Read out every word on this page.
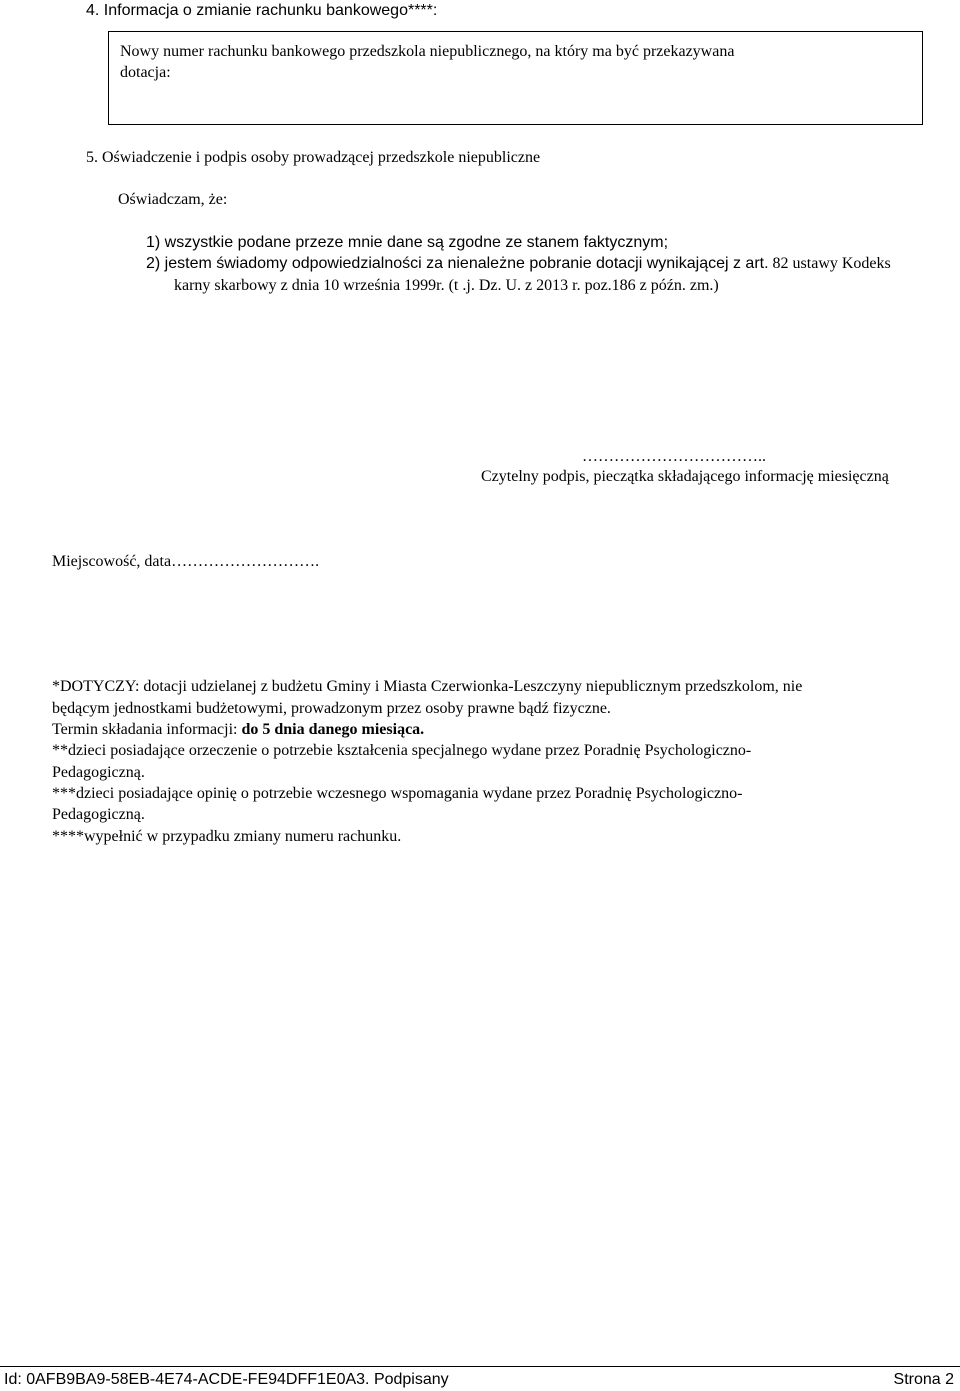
4. Informacja o zmianie rachunku bankowego****:
Nowy numer rachunku bankowego przedszkola niepublicznego, na który ma być przekazywana
dotacja:
5. Oświadczenie i podpis osoby prowadzącej przedszkole niepubliczne
Oświadczam, że:
1) wszystkie podane przeze mnie dane są zgodne ze stanem faktycznym;
2) jestem świadomy odpowiedzialności za nienależne pobranie dotacji wynikającej z art. 82 ustawy Kodeks
karny skarbowy z dnia 10 września 1999r. (t .j. Dz. U. z 2013 r. poz.186 z późn. zm.)
……………………………..
Czytelny podpis, pieczątka składającego informację miesięczną
Miejscowość, data……………………….
*DOTYCZY: dotacji udzielanej z budżetu Gminy i Miasta Czerwionka-Leszczyny niepublicznym przedszkolom, nie
będącym jednostkami budżetowymi, prowadzonym przez osoby prawne bądź fizyczne.
Termin składania informacji: do 5 dnia danego miesiąca.
**dzieci posiadające orzeczenie o potrzebie kształcenia specjalnego wydane przez Poradnię Psychologiczno-
Pedagogiczną.
***dzieci posiadające opinię o potrzebie wczesnego wspomagania wydane przez Poradnię Psychologiczno-
Pedagogiczną.
****wypełnić w przypadku zmiany numeru rachunku.
Id: 0AFB9BA9-58EB-4E74-ACDE-FE94DFF1E0A3. Podpisany	Strona 2
